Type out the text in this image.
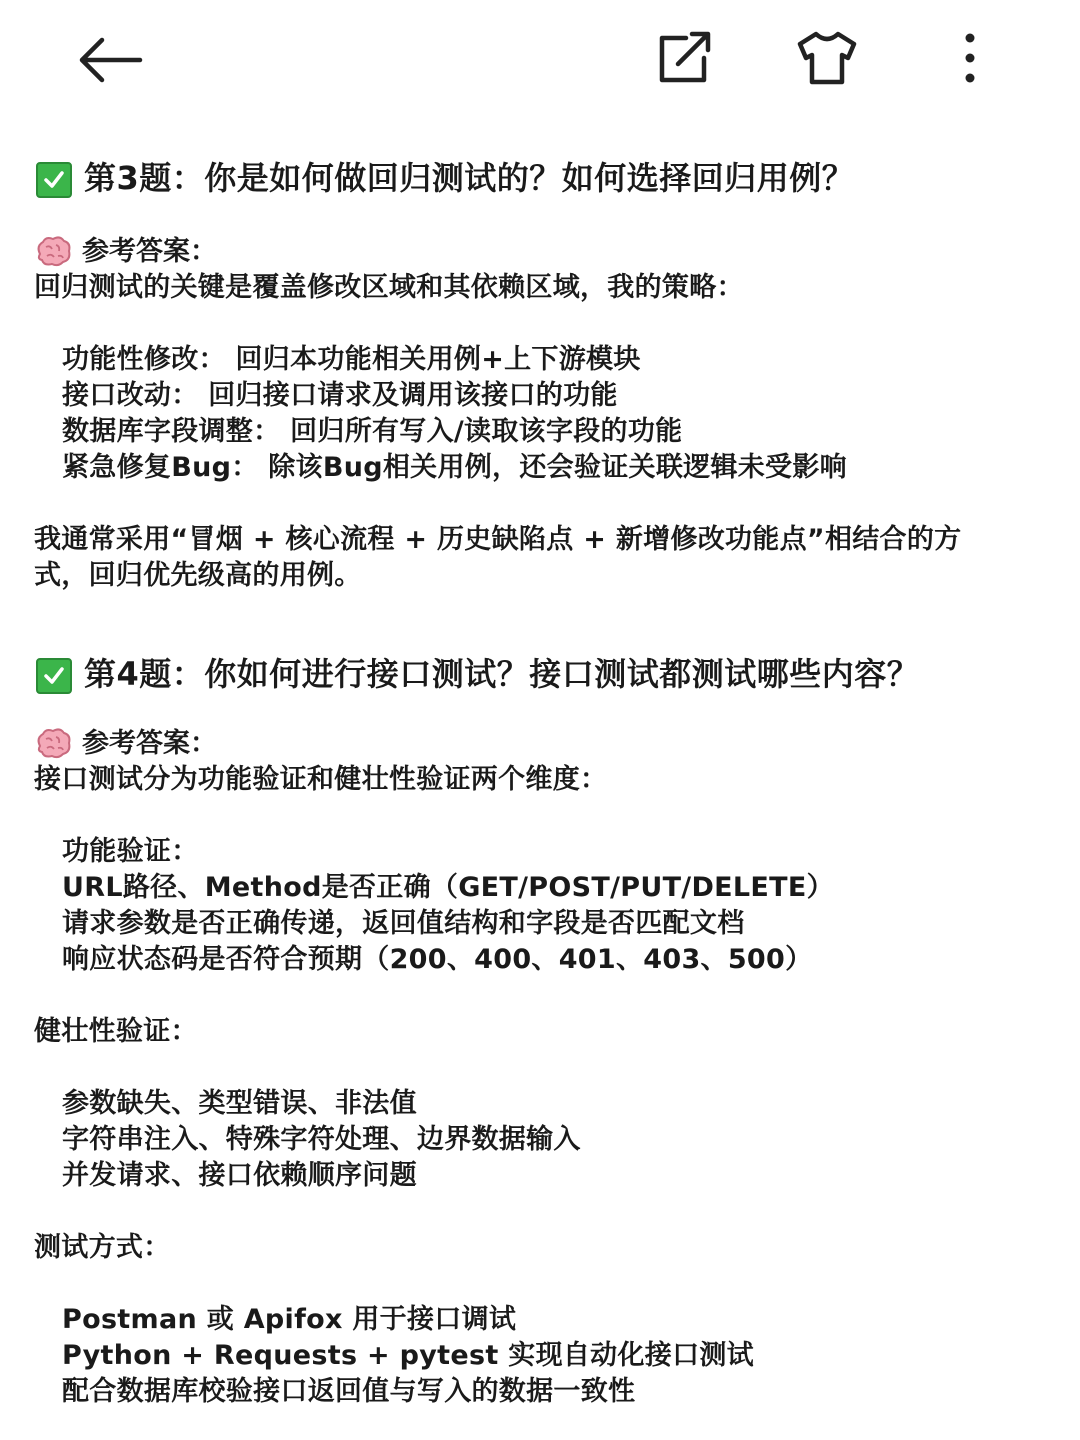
第3题：你是如何做回归测试的？如何选择回归用例？
参考答案：
回归测试的关键是覆盖修改区域和其依赖区域，我的策略：
功能性修改： 回归本功能相关用例+上下游模块
接口改动： 回归接口请求及调用该接口的功能
数据库字段调整： 回归所有写入/读取该字段的功能
紧急修复Bug： 除该Bug相关用例，还会验证关联逻辑未受影响
我通常采用“冒烟 + 核心流程 + 历史缺陷点 + 新增修改功能点”相结合的方
式，回归优先级高的用例。
第4题：你如何进行接口测试？接口测试都测试哪些内容？
参考答案：
接口测试分为功能验证和健壮性验证两个维度：
功能验证：
URL路径、Method是否正确（GET/POST/PUT/DELETE）
请求参数是否正确传递，返回值结构和字段是否匹配文档
响应状态码是否符合预期（200、400、401、403、500）
健壮性验证：
参数缺失、类型错误、非法值
字符串注入、特殊字符处理、边界数据输入
并发请求、接口依赖顺序问题
测试方式：
Postman 或 Apifox 用于接口调试
Python + Requests + pytest 实现自动化接口测试
配合数据库校验接口返回值与写入的数据一致性
